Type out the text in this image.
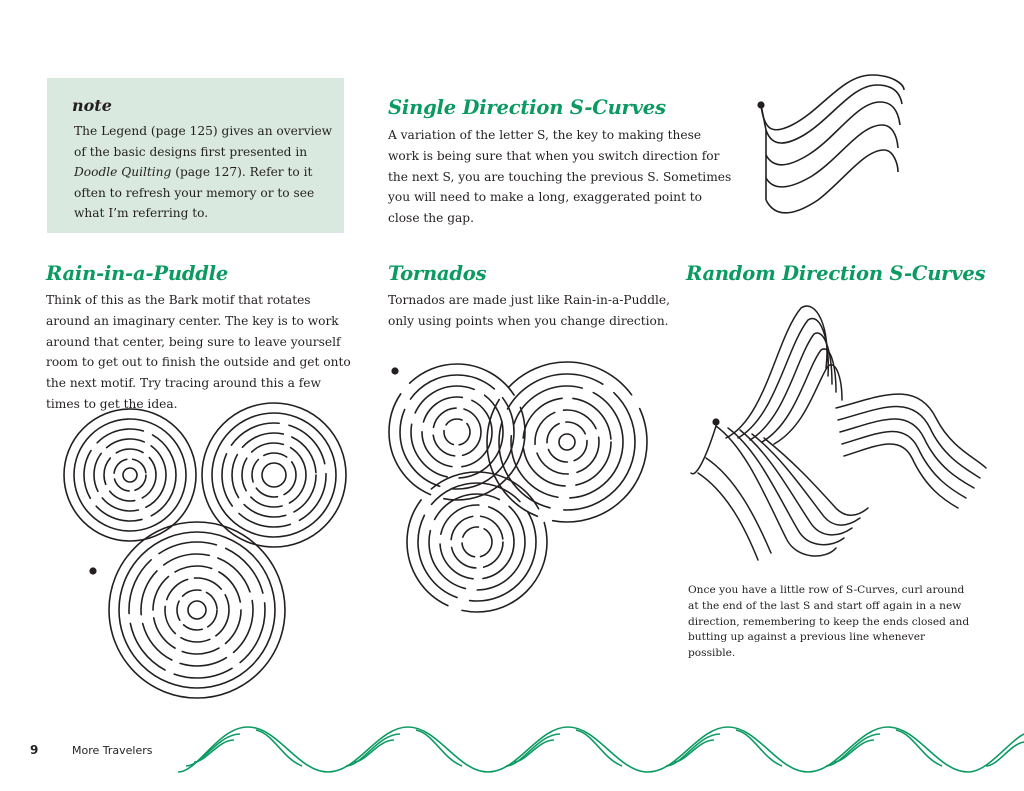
note
The Legend (page 125) gives an overview of the basic designs first presented in Doodle Quilting (page 127). Refer to it often to refresh your memory or to see what I’m referring to.
Single Direction S-Curves
A variation of the letter S, the key to making these work is being sure that when you switch direction for the next S, you are touching the previous S. Sometimes you will need to make a long, exaggerated point to close the gap.
Rain-in-a-Puddle
Think of this as the Bark motif that rotates around an imaginary center. The key is to work around that center, being sure to leave yourself room to get out to finish the outside and get onto the next motif. Try tracing around this a few times to get the idea.
Tornados
Tornados are made just like Rain-in-a-Puddle, only using points when you change direction.
Random Direction S-Curves
Once you have a little row of S-Curves, curl around at the end of the last S and start off again in a new direction, remembering to keep the ends closed and butting up against a previous line whenever possible.
9	More Travelers
